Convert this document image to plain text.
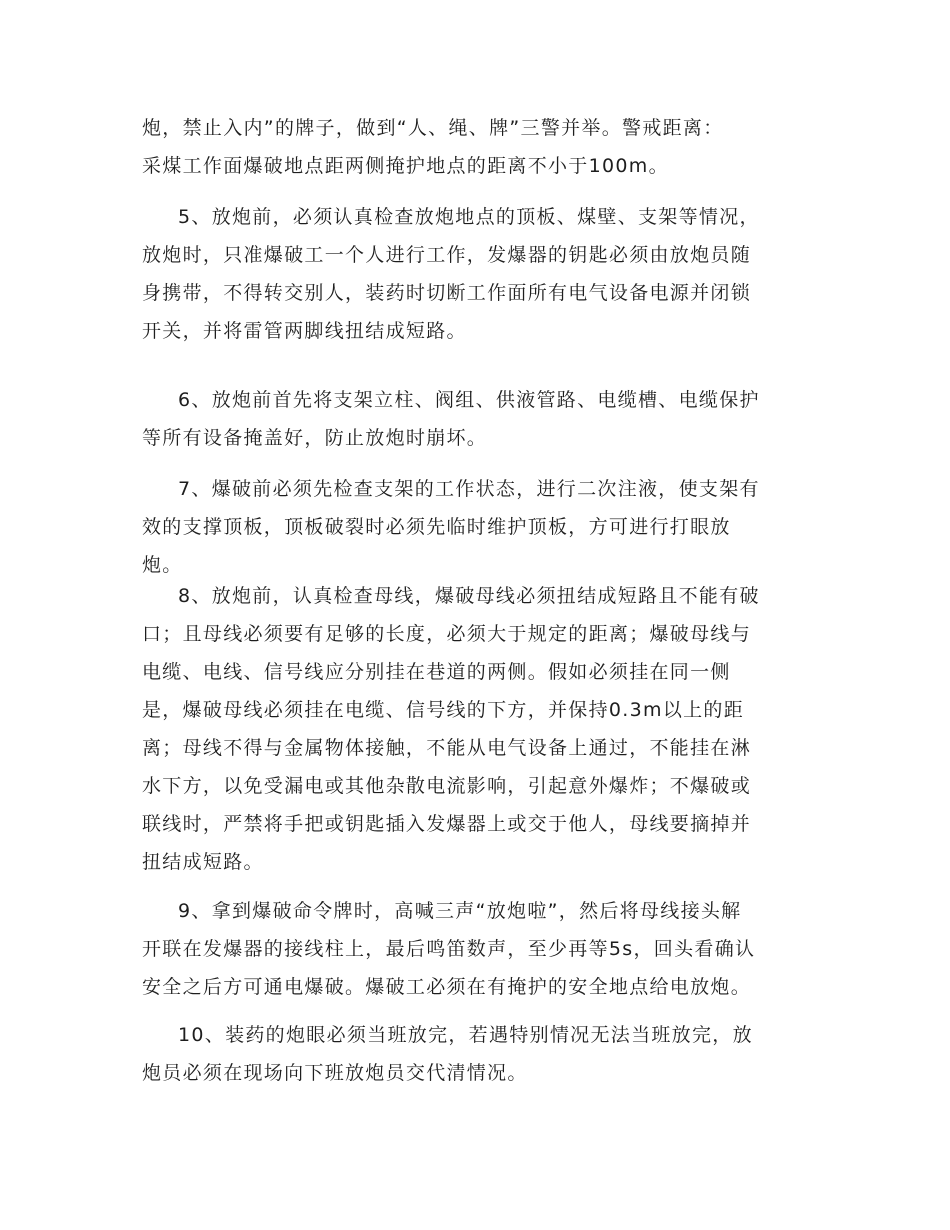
炮，禁止入内”的牌子，做到“人、绳、牌”三警并举。警戒距离：
采煤工作面爆破地点距两侧掩护地点的距离不小于100m。
5、放炮前，必须认真检查放炮地点的顶板、煤壁、支架等情况，
放炮时，只准爆破工一个人进行工作，发爆器的钥匙必须由放炮员随
身携带，不得转交别人，装药时切断工作面所有电气设备电源并闭锁
开关，并将雷管两脚线扭结成短路。
6、放炮前首先将支架立柱、阀组、供液管路、电缆槽、电缆保护
等所有设备掩盖好，防止放炮时崩坏。
7、爆破前必须先检查支架的工作状态，进行二次注液，使支架有
效的支撑顶板，顶板破裂时必须先临时维护顶板，方可进行打眼放
炮。
8、放炮前，认真检查母线，爆破母线必须扭结成短路且不能有破
口；且母线必须要有足够的长度，必须大于规定的距离；爆破母线与
电缆、电线、信号线应分别挂在巷道的两侧。假如必须挂在同一侧
是，爆破母线必须挂在电缆、信号线的下方，并保持0.3m以上的距
离；母线不得与金属物体接触，不能从电气设备上通过，不能挂在淋
水下方，以免受漏电或其他杂散电流影响，引起意外爆炸；不爆破或
联线时，严禁将手把或钥匙插入发爆器上或交于他人，母线要摘掉并
扭结成短路。
9、拿到爆破命令牌时，高喊三声“放炮啦”，然后将母线接头解
开联在发爆器的接线柱上，最后鸣笛数声，至少再等5s，回头看确认
安全之后方可通电爆破。爆破工必须在有掩护的安全地点给电放炮。
10、装药的炮眼必须当班放完，若遇特别情况无法当班放完，放
炮员必须在现场向下班放炮员交代清情况。
